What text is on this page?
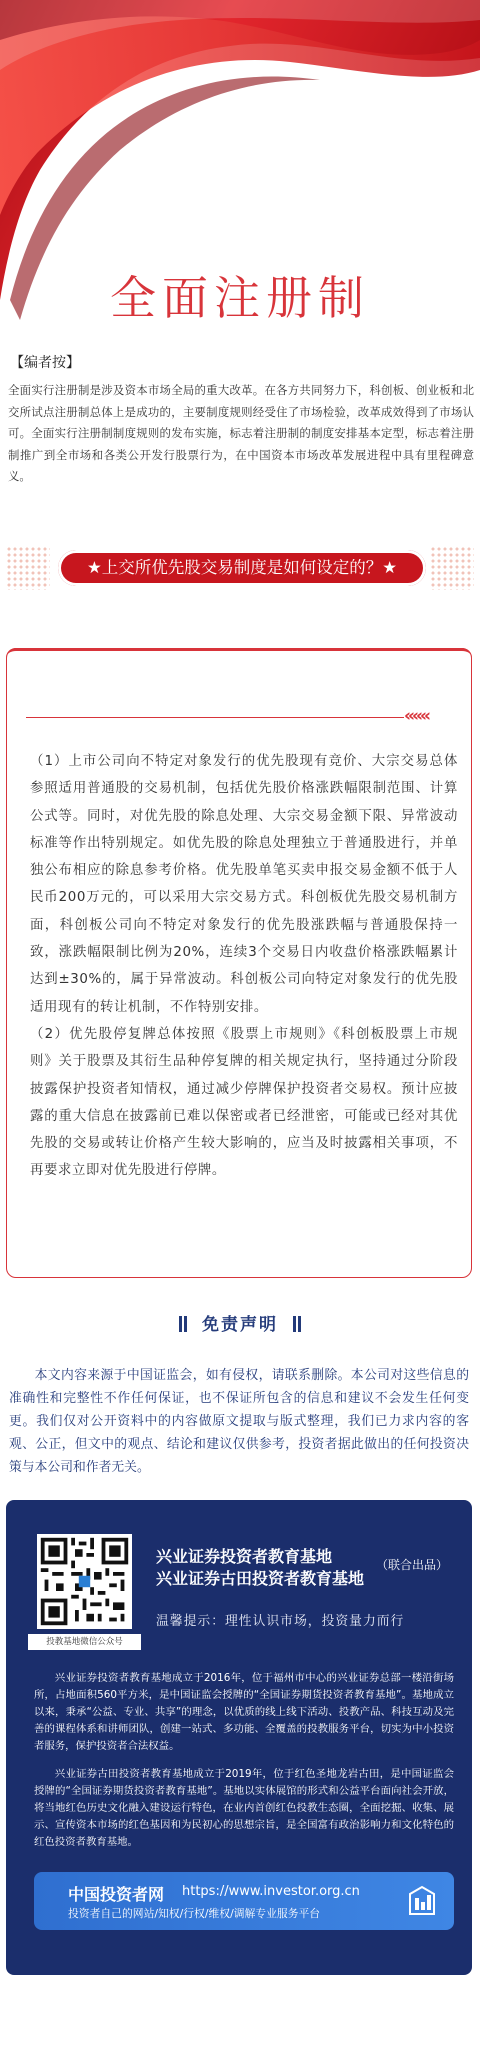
全面注册制
【编者按】
全面实行注册制是涉及资本市场全局的重大改革。在各方共同努力下，科创板、创业板和北交所试点注册制总体上是成功的，主要制度规则经受住了市场检验，改革成效得到了市场认可。全面实行注册制制度规则的发布实施，标志着注册制的制度安排基本定型，标志着注册制推广到全市场和各类公开发行股票行为，在中国资本市场改革发展进程中具有里程碑意义。
★上交所优先股交易制度是如何设定的？★
‹‹‹‹‹‹

（1）上市公司向不特定对象发行的优先股现有竞价、大宗交易总体参照适用普通股的交易机制，包括优先股价格涨跌幅限制范围、计算公式等。同时，对优先股的除息处理、大宗交易金额下限、异常波动标准等作出特别规定。如优先股的除息处理独立于普通股进行，并单独公布相应的除息参考价格。优先股单笔买卖申报交易金额不低于人民币200万元的，可以采用大宗交易方式。科创板优先股交易机制方面，科创板公司向不特定对象发行的优先股涨跌幅与普通股保持一致，涨跌幅限制比例为20%，连续3个交易日内收盘价格涨跌幅累计达到±30%的，属于异常波动。科创板公司向特定对象发行的优先股适用现有的转让机制，不作特别安排。

（2）优先股停复牌总体按照《股票上市规则》《科创板股票上市规则》关于股票及其衍生品种停复牌的相关规定执行，坚持通过分阶段披露保护投资者知情权，通过减少停牌保护投资者交易权。预计应披露的重大信息在披露前已难以保密或者已经泄密，可能或已经对其优先股的交易或转让价格产生较大影响的，应当及时披露相关事项，不再要求立即对优先股进行停牌。

免责声明
本文内容来源于中国证监会，如有侵权，请联系删除。本公司对这些信息的准确性和完整性不作任何保证，也不保证所包含的信息和建议不会发生任何变更。我们仅对公开资料中的内容做原文提取与版式整理，我们已力求内容的客观、公正，但文中的观点、结论和建议仅供参考，投资者据此做出的任何投资决策与本公司和作者无关。
投教基地微信公众号
兴业证券投资者教育基地
兴业证券古田投资者教育基地
（联合出品）
温馨提示：理性认识市场，投资量力而行
兴业证券投资者教育基地成立于2016年，位于福州市中心的兴业证券总部一楼沿街场所，占地面积560平方米，是中国证监会授牌的“全国证券期货投资者教育基地”。基地成立以来，秉承“公益、专业、共享”的理念，以优质的线上线下活动、投教产品、科技互动及完善的课程体系和讲师团队，创建一站式、多功能、全覆盖的投教服务平台，切实为中小投资者服务，保护投资者合法权益。
兴业证券古田投资者教育基地成立于2019年，位于红色圣地龙岩古田，是中国证监会授牌的“全国证券期货投资者教育基地”。基地以实体展馆的形式和公益平台面向社会开放，将当地红色历史文化融入建设运行特色，在业内首创红色投教生态圈，全面挖掘、收集、展示、宣传资本市场的红色基因和为民初心的思想宗旨，是全国富有政治影响力和文化特色的红色投资者教育基地。
中国投资者网 https://www.investor.org.cn
投资者自己的网站/知权/行权/维权/调解专业服务平台
